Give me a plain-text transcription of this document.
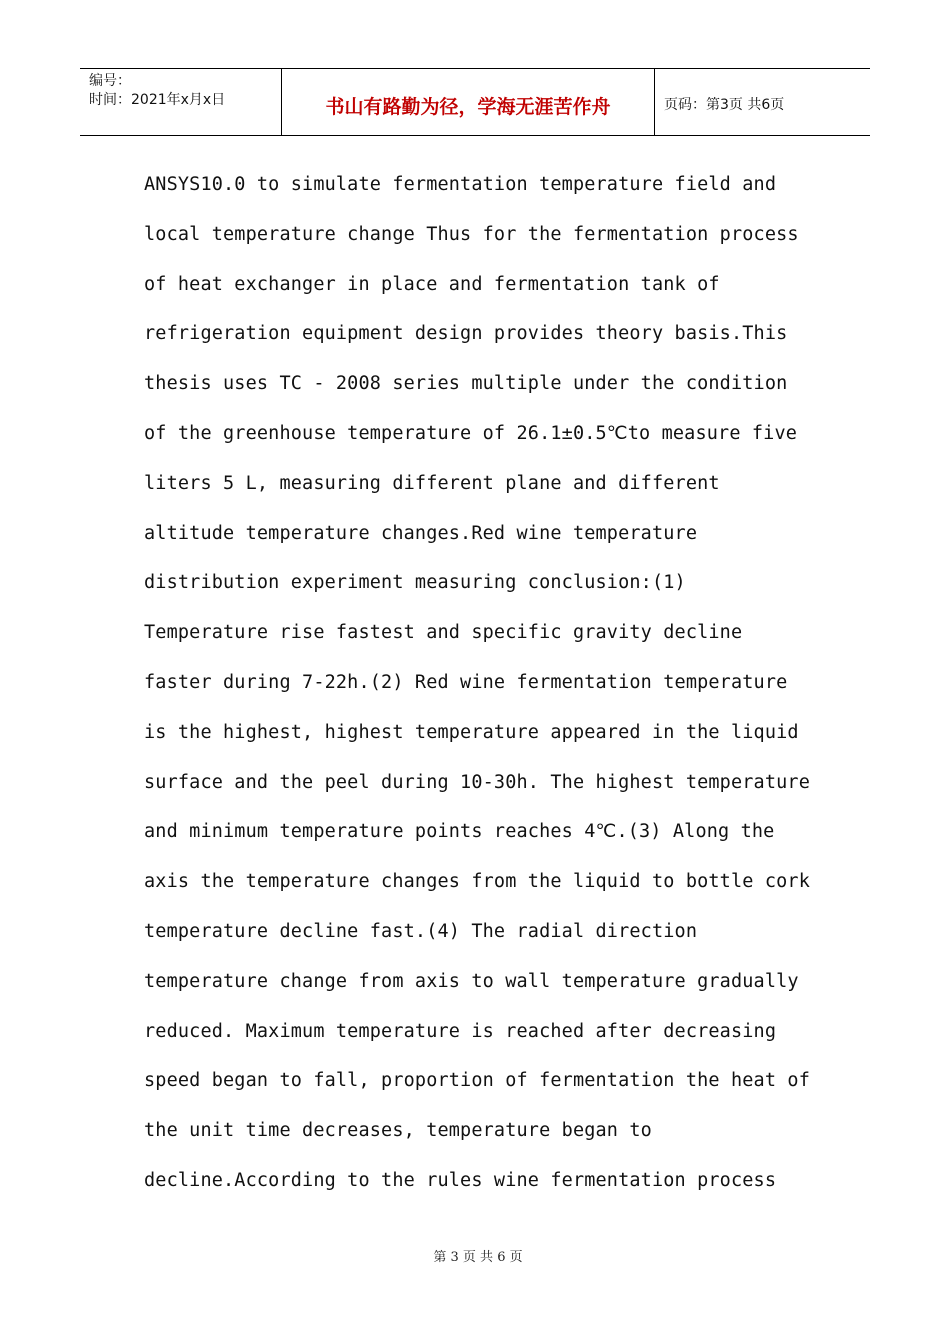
编号：
时间：2021年x月x日	书山有路勤为径，学海无涯苦作舟	页码：第3页 共6页
ANSYS10.0 to simulate fermentation temperature field and
local temperature change Thus for the fermentation process
of heat exchanger in place and fermentation tank of
refrigeration equipment design provides theory basis.This
thesis uses TC - 2008 series multiple under the condition
of the greenhouse temperature of 26.1±0.5℃to measure five
liters 5 L, measuring different plane and different
altitude temperature changes.Red wine temperature
distribution experiment measuring conclusion:(1)
Temperature rise fastest and specific gravity decline
faster during 7-22h.(2) Red wine fermentation temperature
is the highest, highest temperature appeared in the liquid
surface and the peel during 10-30h. The highest temperature
and minimum temperature points reaches 4℃.(3) Along the
axis the temperature changes from the liquid to bottle cork
temperature decline fast.(4) The radial direction
temperature change from axis to wall temperature gradually
reduced. Maximum temperature is reached after decreasing
speed began to fall, proportion of fermentation the heat of
the unit time decreases, temperature began to
decline.According to the rules wine fermentation process
第 3 页 共 6 页
